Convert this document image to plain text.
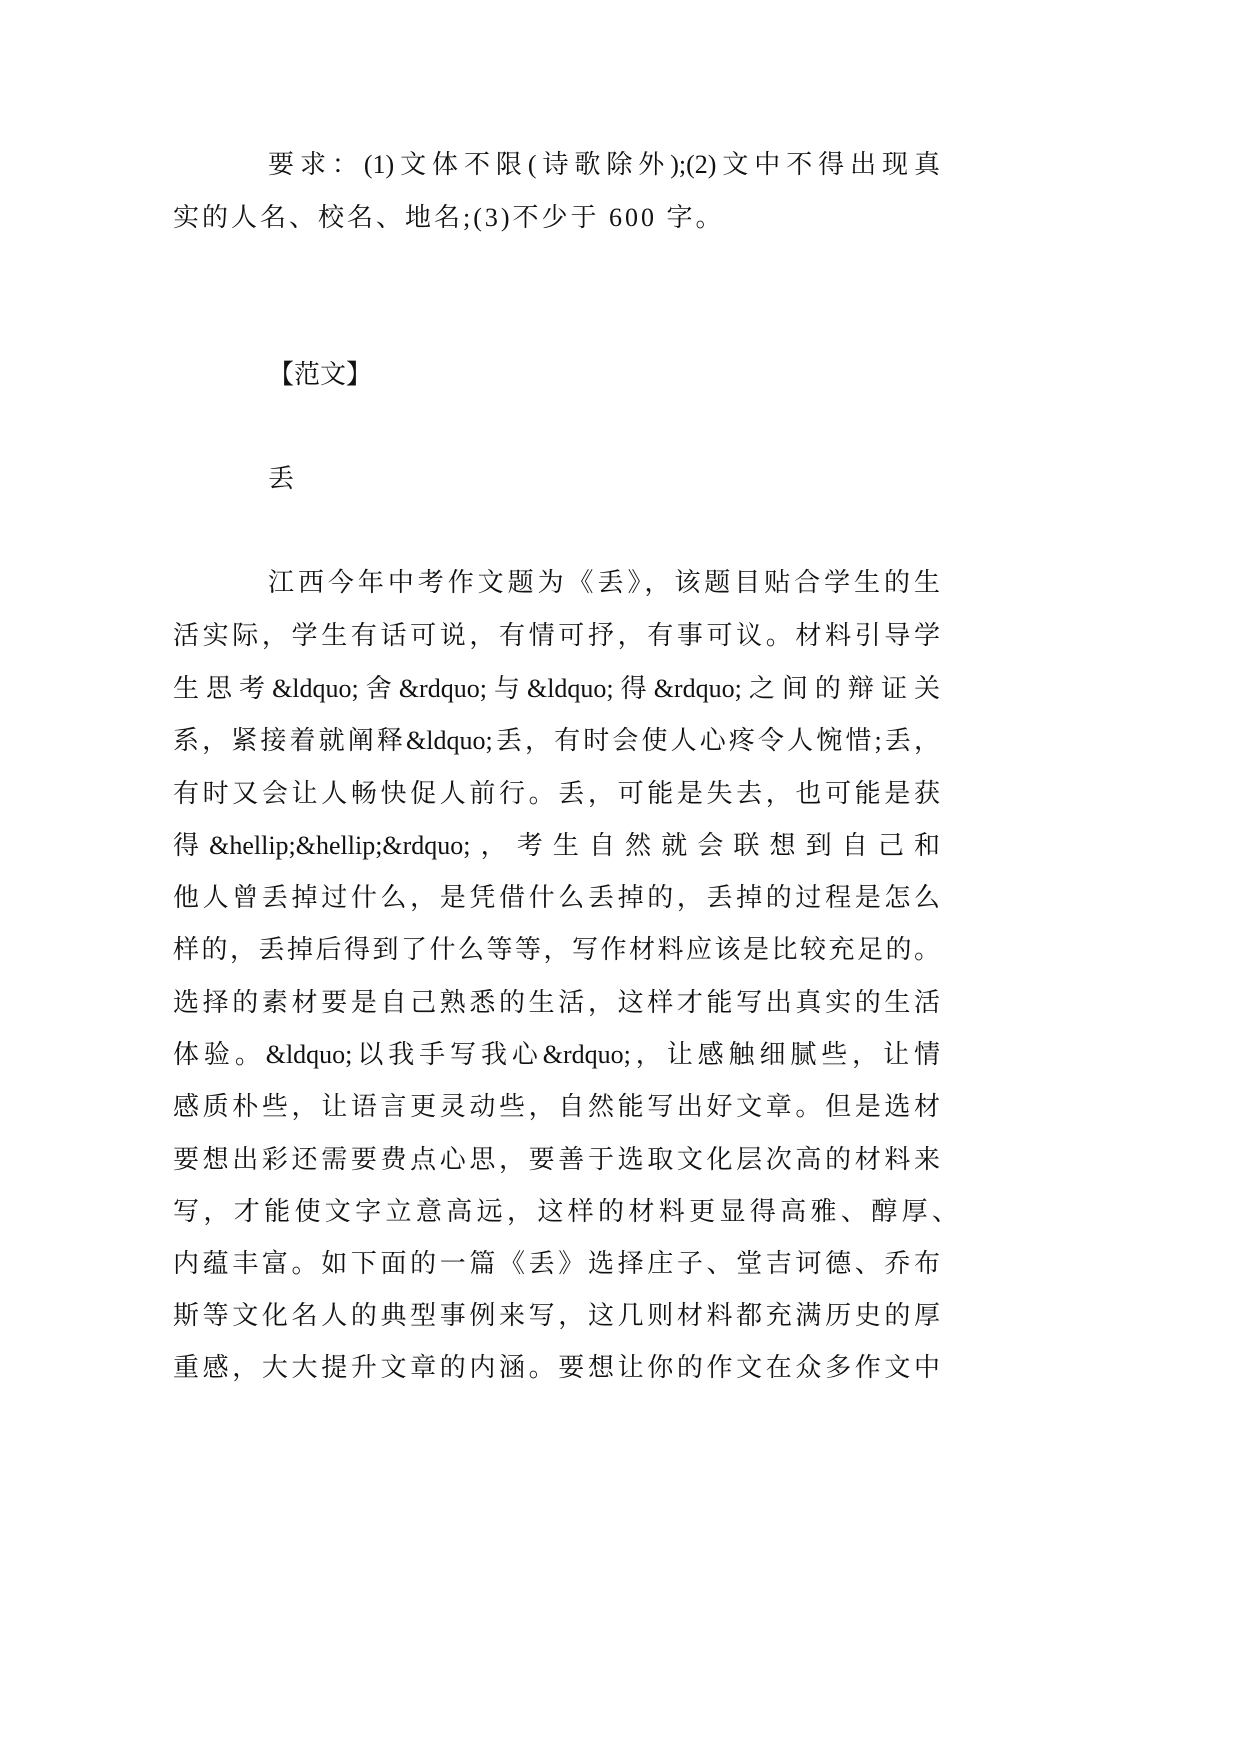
要求：(1)文体不限(诗歌除外);(2)文中不得出现真
实的人名、校名、地名;(3)不少于 600 字。
【范文】
丢
江西今年中考作文题为《丢》，该题目贴合学生的生
活实际，学生有话可说，有情可抒，有事可议。材料引导学
生思考&ldquo;舍&rdquo;与&ldquo;得&rdquo;之间的辩证关
系，紧接着就阐释&ldquo;丢，有时会使人心疼令人惋惜;丢，
有时又会让人畅快促人前行。丢，可能是失去，也可能是获
得&hellip;&hellip;&rdquo;，考生自然就会联想到自己和
他人曾丢掉过什么，是凭借什么丢掉的，丢掉的过程是怎么
样的，丢掉后得到了什么等等，写作材料应该是比较充足的。
选择的素材要是自己熟悉的生活，这样才能写出真实的生活
体验。&ldquo;以我手写我心&rdquo;，让感触细腻些，让情
感质朴些，让语言更灵动些，自然能写出好文章。但是选材
要想出彩还需要费点心思，要善于选取文化层次高的材料来
写，才能使文字立意高远，这样的材料更显得高雅、醇厚、
内蕴丰富。如下面的一篇《丢》选择庄子、堂吉诃德、乔布
斯等文化名人的典型事例来写，这几则材料都充满历史的厚
重感，大大提升文章的内涵。要想让你的作文在众多作文中
